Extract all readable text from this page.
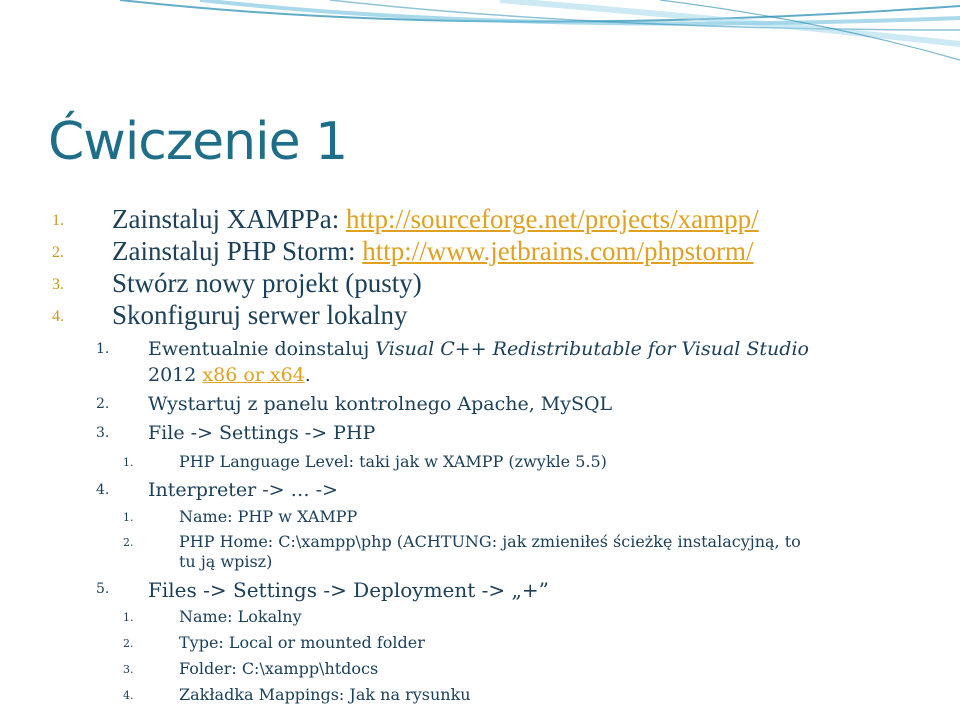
Ćwiczenie 1
1. Zainstaluj XAMPPa: http://sourceforge.net/projects/xampp/
2. Zainstaluj PHP Storm: http://www.jetbrains.com/phpstorm/
3. Stwórz nowy projekt (pusty)
4. Skonfiguruj serwer lokalny
1. Ewentualnie doinstaluj Visual C++ Redistributable for Visual Studio
2012 x86 or x64.
2. Wystartuj z panelu kontrolnego Apache, MySQL
3. File -> Settings -> PHP
1.	PHP Language Level: taki jak w XAMPP (zwykle 5.5)
4. Interpreter -> … ->
1.	Name: PHP w XAMPP
2.	PHP Home: C:\xampp\php (ACHTUNG: jak zmieniłeś ścieżkę instalacyjną, to
tu ją wpisz)
5. Files -> Settings -> Deployment -> „+”
1.	Name: Lokalny
2.	Type: Local or mounted folder
3.	Folder: C:\xampp\htdocs
4.	Zakładka Mappings: Jak na rysunku
